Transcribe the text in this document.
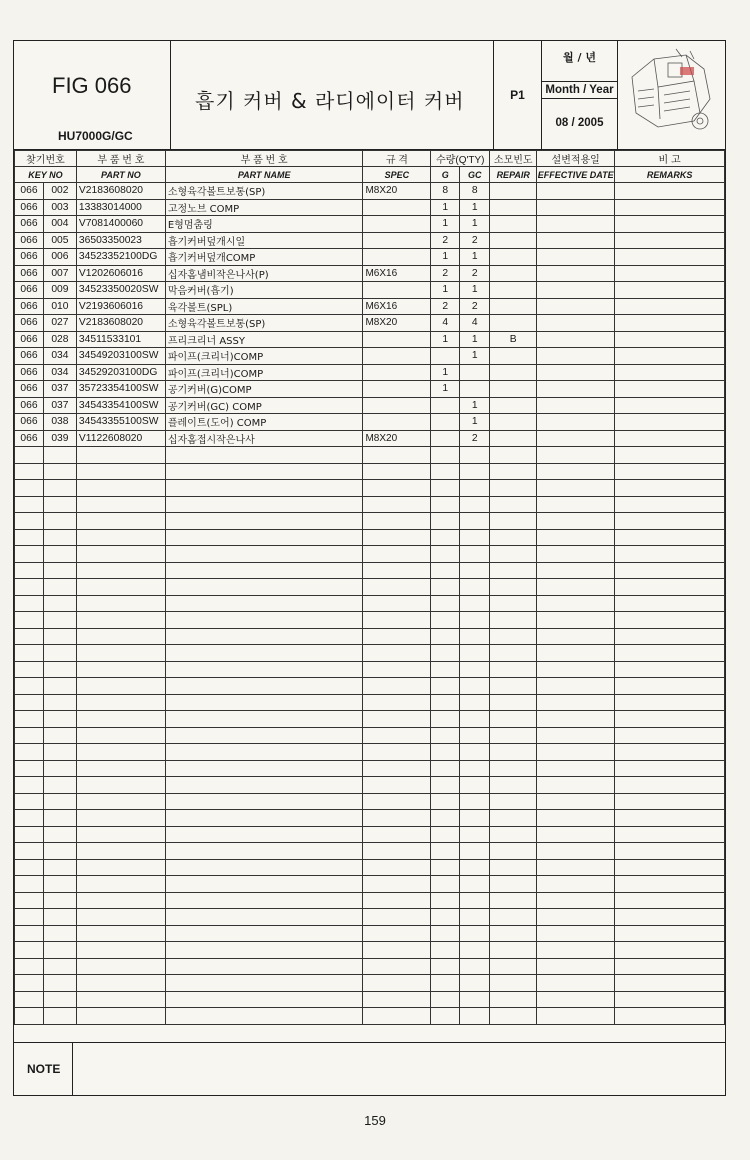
FIG 066
HU7000G/GC
흡기 커버 & 라디에이터 커버	P1
월 / 년
Month / Year
08 / 2005
찾기번호		부 품 번 호	부 품 번 호	규 격	수량(Q'TY)		소모빈도	설변적용일	비 고
KEY NO		PART NO	PART NAME	SPEC	G	GC	REPAIR	EFFECTIVE DATE	REMARKS
066	002	V2183608020	소형육각볼트보통(SP)	M8X20	8	8			
066	003	13383014000	고정노브 COMP		1	1			
066	004	V7081400060	E형멈춤링		1	1			
066	005	36503350023	흡기커버덮개시일		2	2			
066	006	34523352100DG	흡기커버덮개COMP		1	1			
066	007	V1202606016	십자홈냄비작은나사(P)	M6X16	2	2			
066	009	34523350020SW	막음커버(흡기)		1	1			
066	010	V2193606016	육각볼트(SPL)	M6X16	2	2			
066	027	V2183608020	소형육각볼트보통(SP)	M8X20	4	4			
066	028	34511533101	프리크리너 ASSY		1	1	B		
066	034	34549203100SW	파이프(크리너)COMP			1			
066	034	34529203100DG	파이프(크리너)COMP		1				
066	037	35723354100SW	공기커버(G)COMP		1				
066	037	34543354100SW	공기커버(GC) COMP			1			
066	038	34543355100SW	플레이트(도어) COMP			1			
066	039	V1122608020	십자홈접시작은나사	M8X20		2			

NOTE
159
